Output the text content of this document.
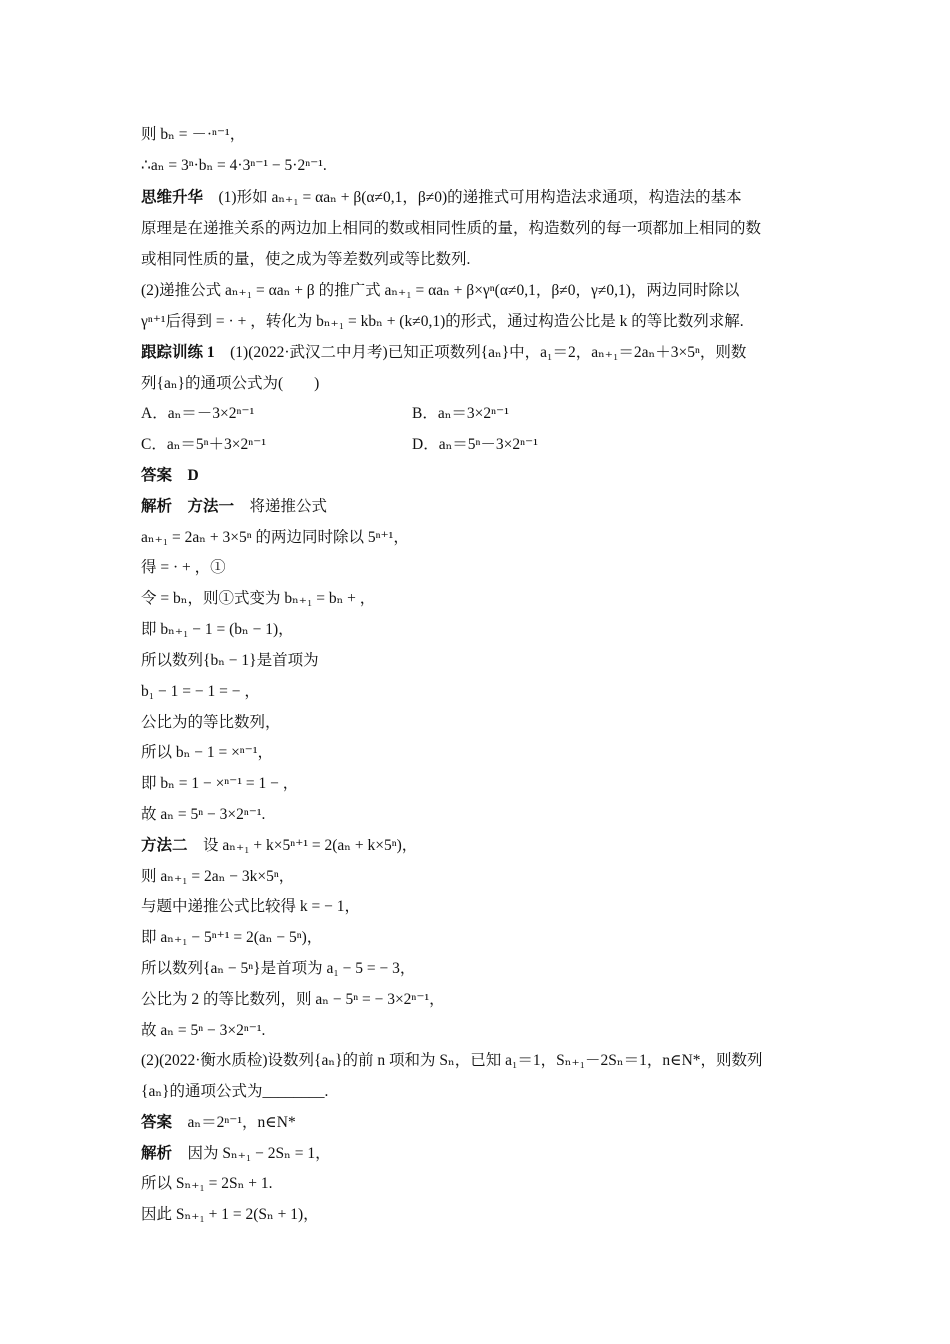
则 bₙ = －·ⁿ⁻¹，
∴aₙ = 3ⁿ·bₙ = 4·3ⁿ⁻¹ − 5·2ⁿ⁻¹.
思维升华　(1)形如 aₙ₊₁ = αaₙ + β(α≠0,1，β≠0)的递推式可用构造法求通项，构造法的基本
原理是在递推关系的两边加上相同的数或相同性质的量，构造数列的每一项都加上相同的数
或相同性质的量，使之成为等差数列或等比数列.
(2)递推公式 aₙ₊₁ = αaₙ + β 的推广式 aₙ₊₁ = αaₙ + β×γⁿ(α≠0,1，β≠0，γ≠0,1)，两边同时除以
γⁿ⁺¹后得到 = · + ，转化为 bₙ₊₁ = kbₙ + (k≠0,1)的形式，通过构造公比是 k 的等比数列求解.
跟踪训练 1　(1)(2022·武汉二中月考)已知正项数列{aₙ}中，a₁＝2，aₙ₊₁＝2aₙ＋3×5ⁿ，则数
列{aₙ}的通项公式为(　　)
A．aₙ＝－3×2ⁿ⁻¹	B．aₙ＝3×2ⁿ⁻¹
C．aₙ＝5ⁿ＋3×2ⁿ⁻¹	D．aₙ＝5ⁿ－3×2ⁿ⁻¹
答案　D
解析　方法一　将递推公式
aₙ₊₁ = 2aₙ + 3×5ⁿ 的两边同时除以 5ⁿ⁺¹，
得 = · + ，①
令 = bₙ，则①式变为 bₙ₊₁ = bₙ + ，
即 bₙ₊₁ − 1 = (bₙ − 1)，
所以数列{bₙ − 1}是首项为
b₁ − 1 = − 1 = − ，
公比为的等比数列，
所以 bₙ − 1 = ×ⁿ⁻¹，
即 bₙ = 1 − ×ⁿ⁻¹ = 1 − ，
故 aₙ = 5ⁿ − 3×2ⁿ⁻¹.
方法二　设 aₙ₊₁ + k×5ⁿ⁺¹ = 2(aₙ + k×5ⁿ)，
则 aₙ₊₁ = 2aₙ − 3k×5ⁿ，
与题中递推公式比较得 k = − 1，
即 aₙ₊₁ − 5ⁿ⁺¹ = 2(aₙ − 5ⁿ)，
所以数列{aₙ − 5ⁿ}是首项为 a₁ − 5 = − 3，
公比为 2 的等比数列，则 aₙ − 5ⁿ = − 3×2ⁿ⁻¹，
故 aₙ = 5ⁿ − 3×2ⁿ⁻¹.
(2)(2022·衡水质检)设数列{aₙ}的前 n 项和为 Sₙ，已知 a₁＝1，Sₙ₊₁－2Sₙ＝1，n∈N*，则数列
{aₙ}的通项公式为________.
答案　aₙ＝2ⁿ⁻¹，n∈N*
解析　因为 Sₙ₊₁ − 2Sₙ = 1，
所以 Sₙ₊₁ = 2Sₙ + 1.
因此 Sₙ₊₁ + 1 = 2(Sₙ + 1)，
